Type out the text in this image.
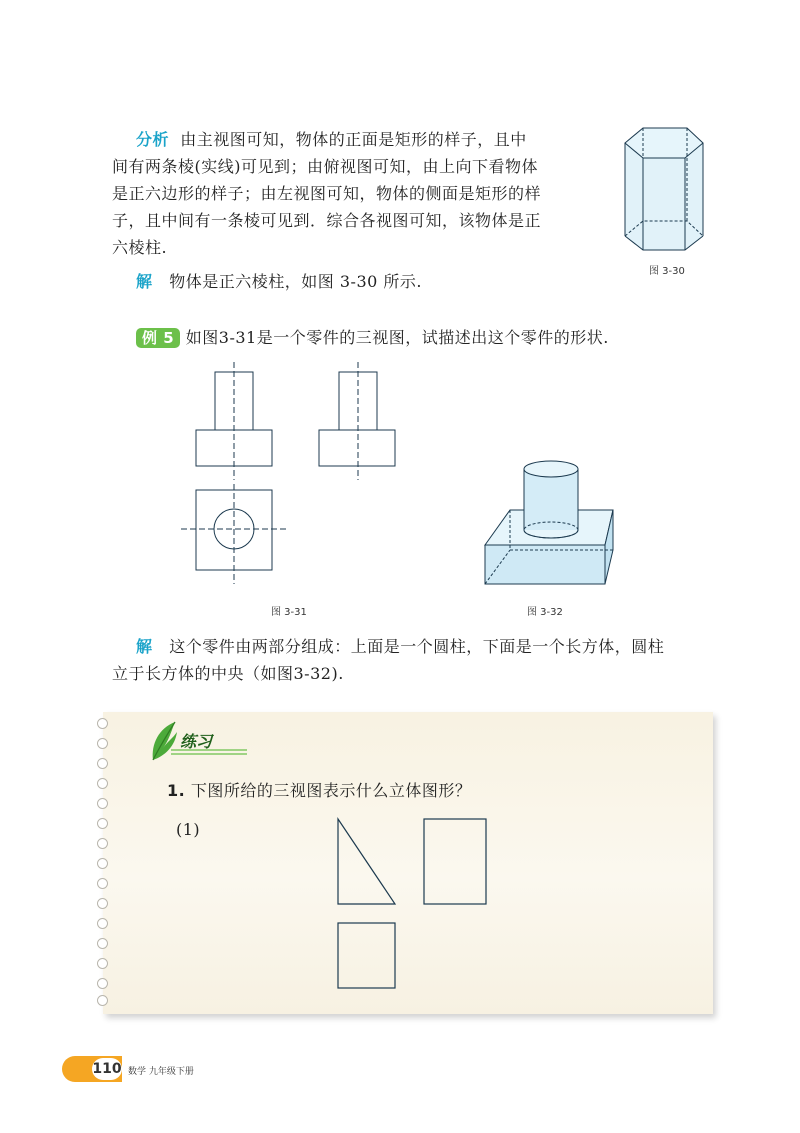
分析 由主视图可知，物体的正面是矩形的样子，且中
间有两条棱(实线)可见到；由俯视图可知，由上向下看物体
是正六边形的样子；由左视图可知，物体的侧面是矩形的样
子，且中间有一条棱可见到．综合各视图可知，该物体是正
六棱柱.
解 物体是正六棱柱，如图 3-30 所示.
图 3-30
例 5 如图3-31是一个零件的三视图，试描述出这个零件的形状.
图 3-31	图 3-32
解 这个零件由两部分组成：上面是一个圆柱，下面是一个长方体，圆柱
立于长方体的中央（如图3-32).
练习
1. 下图所给的三视图表示什么立体图形？
(1)
110 数学 九年级下册
